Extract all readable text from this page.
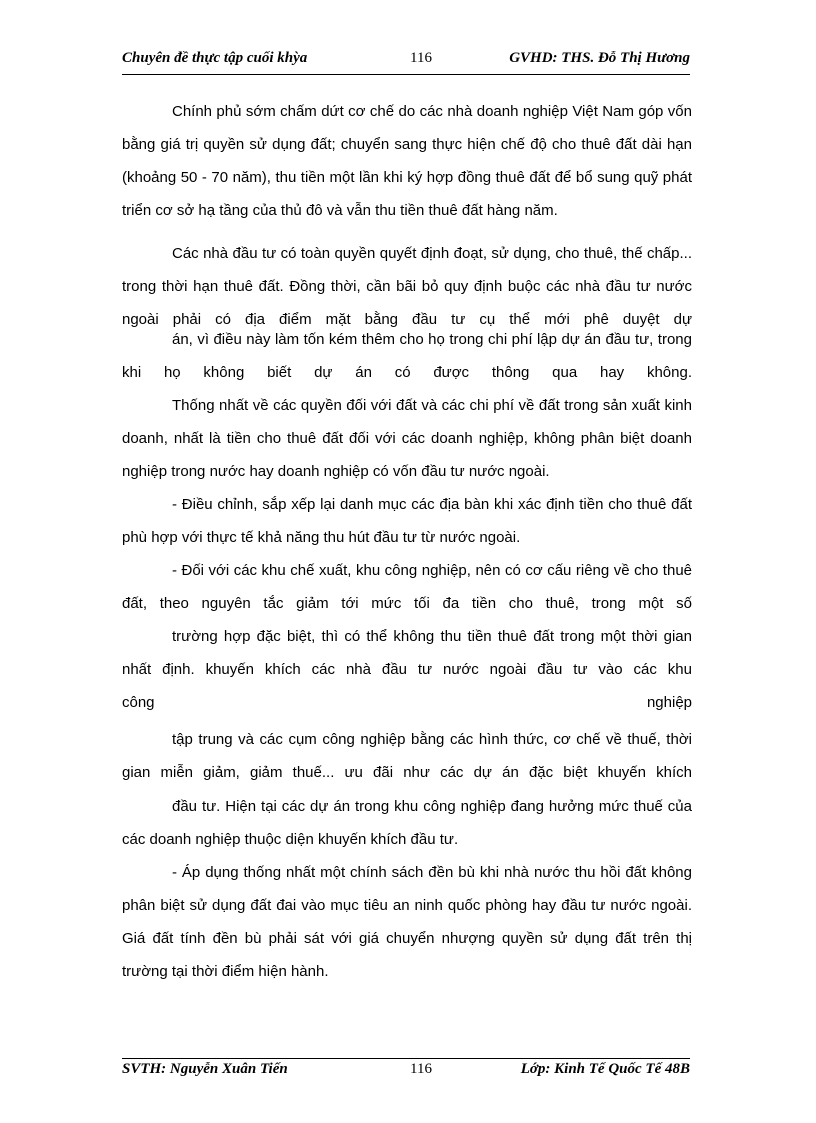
Chuyên đề thực tập cuối khỳa	116	GVHD: THS. Đỗ Thị Hương

Chính phủ sớm chấm dứt cơ chế do các nhà doanh nghiệp Việt Nam góp vốn bằng giá trị quyền sử dụng đất; chuyển sang thực hiện chế độ cho thuê đất dài hạn (khoảng 50 - 70 năm), thu tiền một lần khi ký hợp đồng thuê đất để bổ sung quỹ phát triển cơ sở hạ tầng của thủ đô và vẫn thu tiền thuê đất hàng năm.

Các nhà đầu tư có toàn quyền quyết định đoạt, sử dụng, cho thuê, thế chấp... trong thời hạn thuê đất. Đồng thời, cần bãi bỏ quy định buộc các nhà đầu tư nước ngoài phải có địa điểm mặt bằng đầu tư cụ thể mới phê duyệt dự

án, vì điều này làm tốn kém thêm cho họ trong chi phí lập dự án đầu tư, trong khi họ không biết dự án có được thông qua hay không.

Thống nhất về các quyền đối với đất và các chi phí về đất trong sản xuất kinh doanh, nhất là tiền cho thuê đất đối với các doanh nghiệp, không phân biệt doanh nghiệp trong nước hay doanh nghiệp có vốn đầu tư nước ngoài.

- Điều chỉnh, sắp xếp lại danh mục các địa bàn khi xác định tiền cho thuê đất phù hợp với thực tế khả năng thu hút đầu tư từ nước ngoài.

- Đối với các khu chế xuất, khu công nghiệp, nên có cơ cấu riêng về cho thuê đất, theo nguyên tắc giảm tới mức tối đa tiền cho thuê, trong một số

trường hợp đặc biệt, thì có thể không thu tiền thuê đất trong một thời gian nhất định. khuyến khích các nhà đầu tư nước ngoài đầu tư vào các khu

công	nghiệp

tập trung và các cụm công nghiệp bằng các hình thức, cơ chế về thuế, thời gian miễn giảm, giảm thuế... ưu đãi như các dự án đặc biệt khuyến khích

đầu tư. Hiện tại các dự án trong khu công nghiệp đang hưởng mức thuế của các doanh nghiệp thuộc diện khuyến khích đầu tư.

- Áp dụng thống nhất một chính sách đền bù khi nhà nước thu hồi đất không phân biệt sử dụng đất đai vào mục tiêu an ninh quốc phòng hay đầu tư nước ngoài. Giá đất tính đền bù phải sát với giá chuyển nhượng quyền sử dụng đất trên thị trường tại thời điểm hiện hành.

SVTH: Nguyễn Xuân Tiến	116	Lớp: Kinh Tế Quốc Tế 48B
